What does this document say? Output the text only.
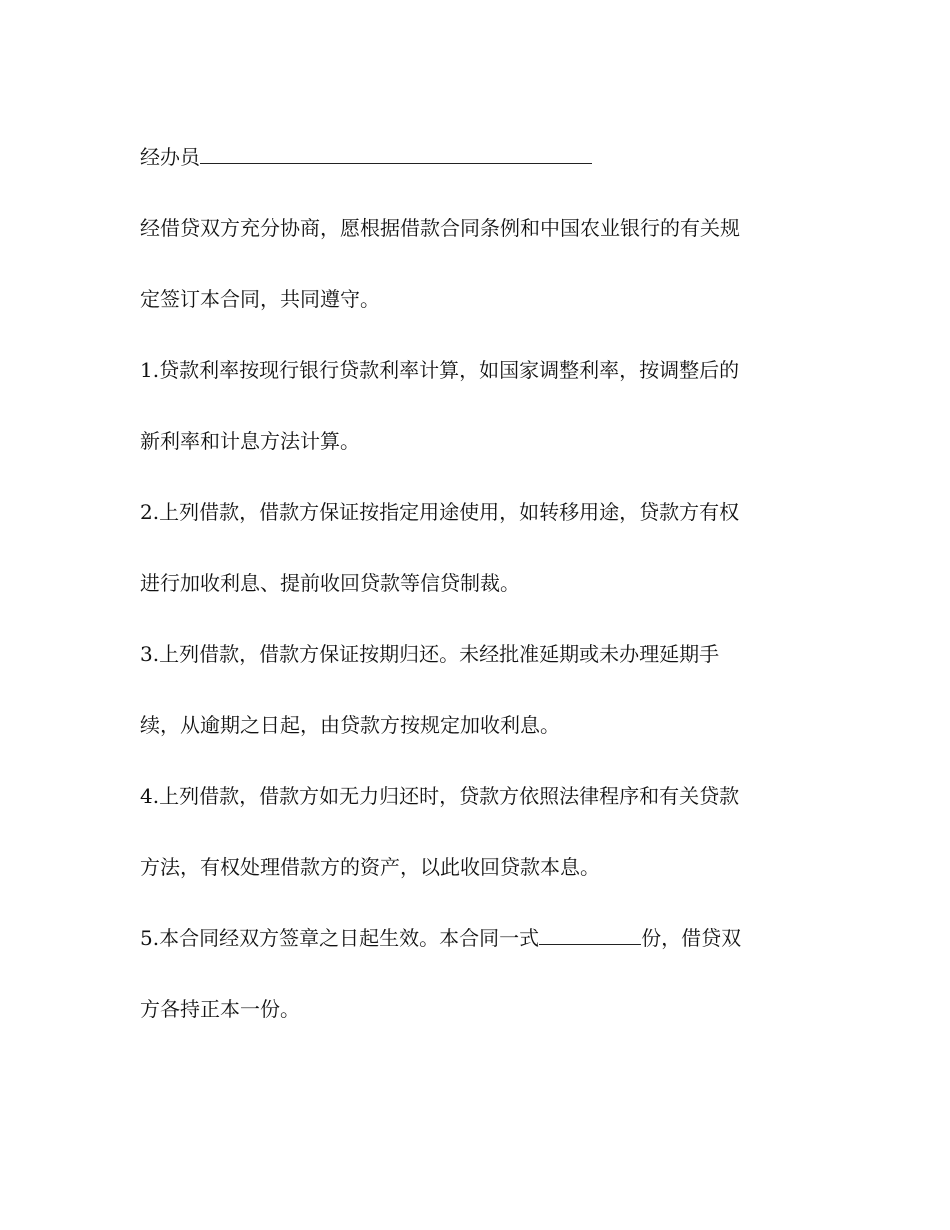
经办员
经借贷双方充分协商，愿根据借款合同条例和中国农业银行的有关规
定签订本合同，共同遵守。
1.贷款利率按现行银行贷款利率计算，如国家调整利率，按调整后的
新利率和计息方法计算。
2.上列借款，借款方保证按指定用途使用，如转移用途，贷款方有权
进行加收利息、提前收回贷款等信贷制裁。
3.上列借款，借款方保证按期归还。未经批准延期或未办理延期手
续，从逾期之日起，由贷款方按规定加收利息。
4.上列借款，借款方如无力归还时，贷款方依照法律程序和有关贷款
方法，有权处理借款方的资产，以此收回贷款本息。
5.本合同经双方签章之日起生效。本合同一式	份，借贷双
方各持正本一份。
